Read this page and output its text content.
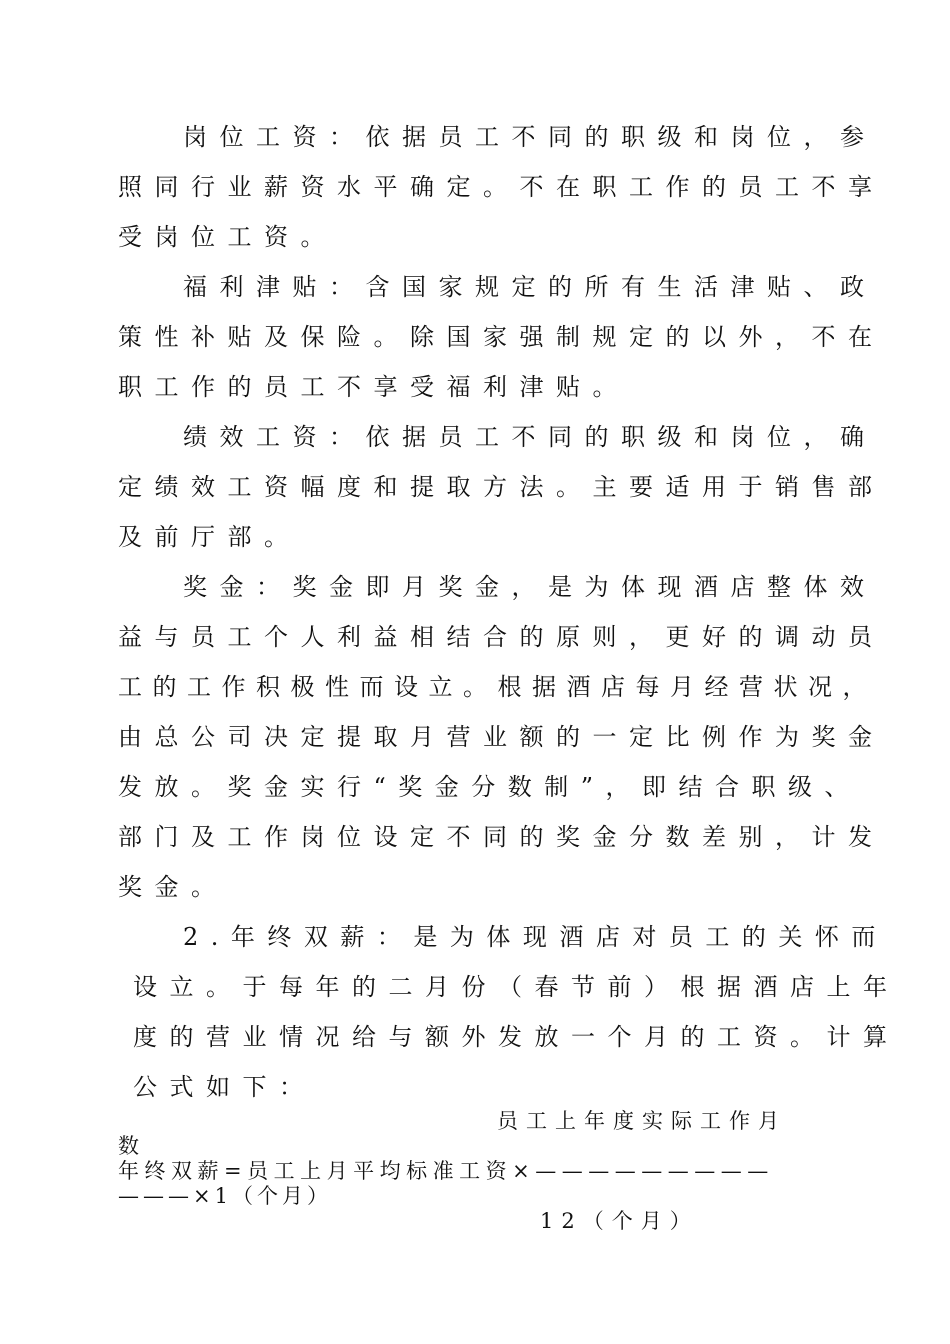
岗位工资：依据员工不同的职级和岗位，参
照同行业薪资水平确定。不在职工作的员工不享
受岗位工资。
福利津贴：含国家规定的所有生活津贴、政
策性补贴及保险。除国家强制规定的以外，不在
职工作的员工不享受福利津贴。
绩效工资：依据员工不同的职级和岗位，确
定绩效工资幅度和提取方法。主要适用于销售部
及前厅部。
奖金：奖金即月奖金，是为体现酒店整体效
益与员工个人利益相结合的原则，更好的调动员
工的工作积极性而设立。根据酒店每月经营状况，
由总公司决定提取月营业额的一定比例作为奖金
发放。奖金实行“奖金分数制”，即结合职级、
部门及工作岗位设定不同的奖金分数差别，计发
奖金。
2.年终双薪：是为体现酒店对员工的关怀而
设立。于每年的二月份（春节前）根据酒店上年
度的营业情况给与额外发放一个月的工资。计算
公式如下：
员工上年度实际工作月
数
年终双薪=员工上月平均标准工资×—————————
———×1（个月）
12（个月）
